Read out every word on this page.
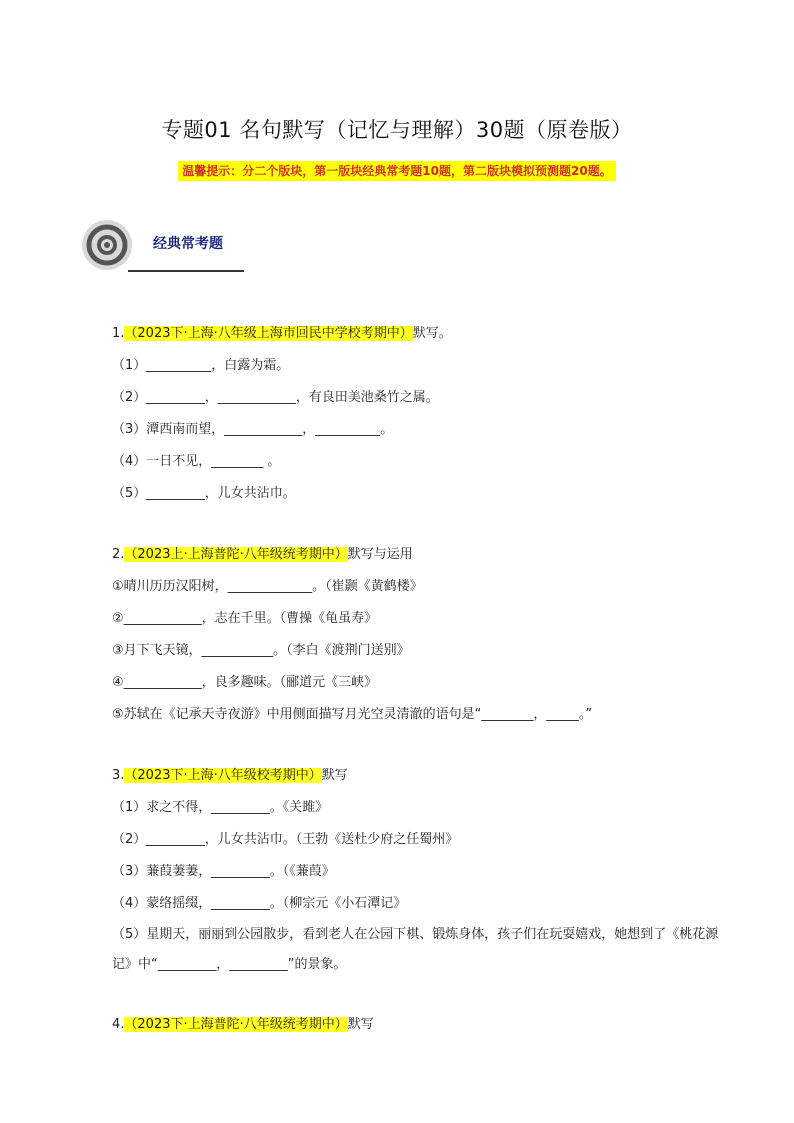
专题01 名句默写（记忆与理解）30题（原卷版）
温馨提示：分二个版块，第一版块经典常考题10题，第二版块模拟预测题20题。
经典常考题
1.（2023下·上海·八年级上海市回民中学校考期中）默写。
（1）__________，白露为霜。
（2）_________，____________，有良田美池桑竹之属。
（3）潭西南而望，____________，__________。
（4）一日不见，________ 。
（5）_________，儿女共沾巾。
2.（2023上·上海普陀·八年级统考期中）默写与运用
①晴川历历汉阳树，_____________。（崔颢《黄鹤楼》
②____________，志在千里。（曹操《龟虽寿》
③月下飞天镜，___________。（李白《渡荆门送别》
④____________，良多趣味。（郦道元《三峡》
⑤苏轼在《记承天寺夜游》中用侧面描写月光空灵清澈的语句是“________，_____。”
3.（2023下·上海·八年级校考期中）默写
（1）求之不得，_________。《关雎》
（2）_________，儿女共沾巾。（王勃《送杜少府之任蜀州》
（3）蒹葭萋萋，_________。（《蒹葭》
（4）蒙络摇缀，_________。（柳宗元《小石潭记》
（5）星期天，丽丽到公园散步，看到老人在公园下棋、锻炼身体，孩子们在玩耍嬉戏，她想到了《桃花源记》中“_________，_________”的景象。
4.（2023下·上海普陀·八年级统考期中）默写
